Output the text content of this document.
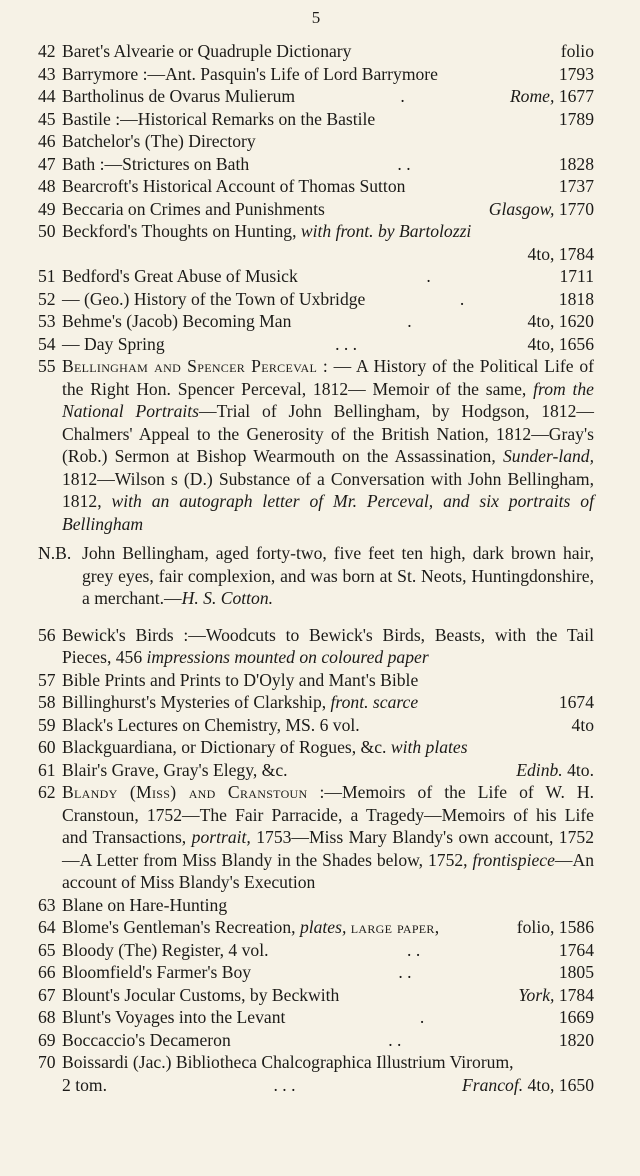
5
42 Baret's Alvearie or Quadruple Dictionary	folio
43 Barrymore :—Ant. Pasquin's Life of Lord Barrymore	1793
44 Bartholinus de Ovarus Mulierum	.	Rome, 1677
45 Bastile :—Historical Remarks on the Bastile	1789
46 Batchelor's (The) Directory
47 Bath :—Strictures on Bath	. .	1828
48 Bearcroft's Historical Account of Thomas Sutton	1737
49 Beccaria on Crimes and Punishments	Glasgow, 1770
50 Beckford's Thoughts on Hunting, with front. by Bartolozzi
4to, 1784
51 Bedford's Great Abuse of Musick	.	1711
52 — (Geo.) History of the Town of Uxbridge	.	1818
53 Behme's (Jacob) Becoming Man	.	4to, 1620
54 — Day Spring	. . .	4to, 1656

55 Bellingham and Spencer Perceval : — A History of the Political Life of the Right Hon. Spencer Perceval, 1812— Memoir of the same, from the National Portraits—Trial of John Bellingham, by Hodgson, 1812—Chalmers' Appeal to the Generosity of the British Nation, 1812—Gray's (Rob.) Sermon at Bishop Wearmouth on the Assassination, Sunder-land, 1812—Wilson s (D.) Substance of a Conversation with John Bellingham, 1812, with an autograph letter of Mr. Perceval, and six portraits of Bellingham

N.B. John Bellingham, aged forty-two, five feet ten high, dark brown hair, grey eyes, fair complexion, and was born at St. Neots, Huntingdonshire, a merchant.—H. S. Cotton.

56 Bewick's Birds :—Woodcuts to Bewick's Birds, Beasts, with the Tail Pieces, 456 impressions mounted on coloured paper
57 Bible Prints and Prints to D'Oyly and Mant's Bible
58 Billinghurst's Mysteries of Clarkship, front. scarce	1674
59 Black's Lectures on Chemistry, MS. 6 vol.	4to
60 Blackguardiana, or Dictionary of Rogues, &c. with plates
61 Blair's Grave, Gray's Elegy, &c.	Edinb. 4to.

62 Blandy (Miss) and Cranstoun :—Memoirs of the Life of W. H. Cranstoun, 1752—The Fair Parracide, a Tragedy—Memoirs of his Life and Transactions, portrait, 1753—Miss Mary Blandy's own account, 1752—A Letter from Miss Blandy in the Shades below, 1752, frontispiece—An account of Miss Blandy's Execution

63 Blane on Hare-Hunting
64 Blome's Gentleman's Recreation, plates, large paper,	folio, 1586
65 Bloody (The) Register, 4 vol.	. .	1764
66 Bloomfield's Farmer's Boy	. .	1805
67 Blount's Jocular Customs, by Beckwith	York, 1784
68 Blunt's Voyages into the Levant	.	1669
69 Boccaccio's Decameron	. .	1820
70 Boissardi (Jac.) Bibliotheca Chalcographica Illustrium Virorum,
2 tom.	. . .	Francof. 4to, 1650
